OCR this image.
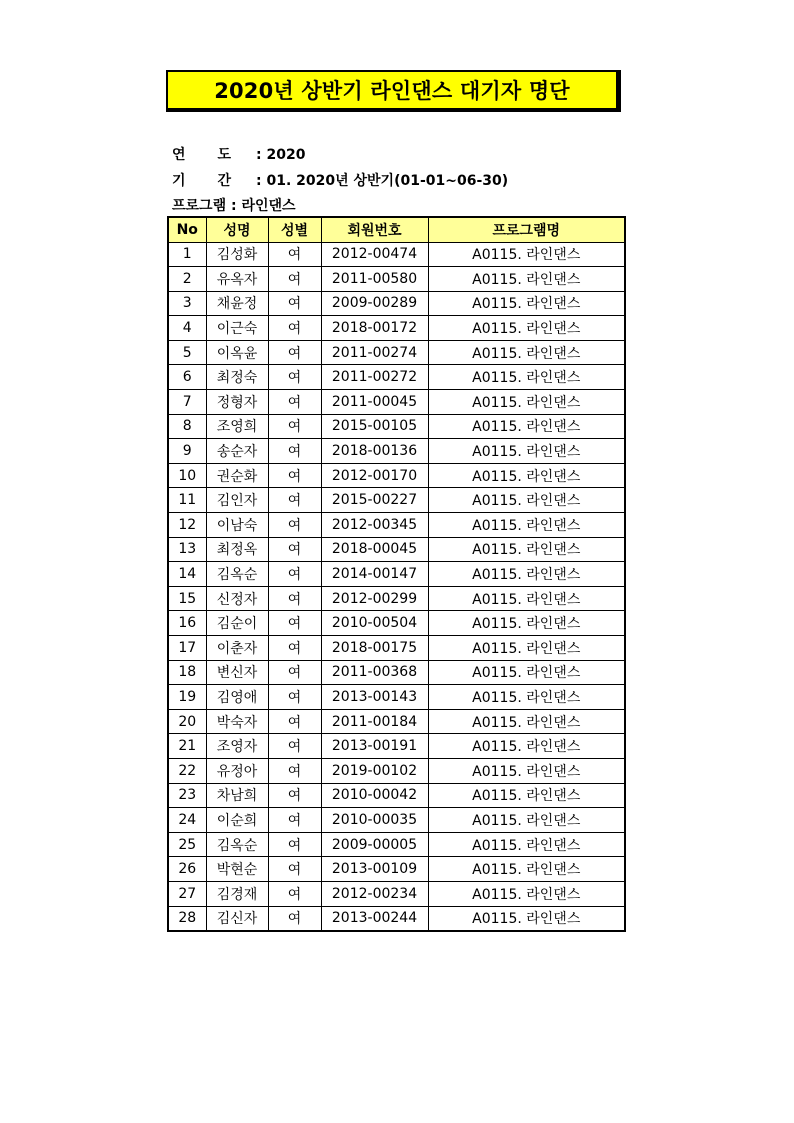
2020년 상반기 라인댄스 대기자 명단
연 도 : 2020
기 간 : 01. 2020년 상반기(01-01~06-30)
프로그램 : 라인댄스
No	성명	성별	회원번호	프로그램명
1	김성화	여	2012-00474	A0115. 라인댄스
2	유옥자	여	2011-00580	A0115. 라인댄스
3	채윤정	여	2009-00289	A0115. 라인댄스
4	이근숙	여	2018-00172	A0115. 라인댄스
5	이옥윤	여	2011-00274	A0115. 라인댄스
6	최정숙	여	2011-00272	A0115. 라인댄스
7	정형자	여	2011-00045	A0115. 라인댄스
8	조영희	여	2015-00105	A0115. 라인댄스
9	송순자	여	2018-00136	A0115. 라인댄스
10	권순화	여	2012-00170	A0115. 라인댄스
11	김인자	여	2015-00227	A0115. 라인댄스
12	이남숙	여	2012-00345	A0115. 라인댄스
13	최정옥	여	2018-00045	A0115. 라인댄스
14	김옥순	여	2014-00147	A0115. 라인댄스
15	신정자	여	2012-00299	A0115. 라인댄스
16	김순이	여	2010-00504	A0115. 라인댄스
17	이춘자	여	2018-00175	A0115. 라인댄스
18	변신자	여	2011-00368	A0115. 라인댄스
19	김영애	여	2013-00143	A0115. 라인댄스
20	박숙자	여	2011-00184	A0115. 라인댄스
21	조영자	여	2013-00191	A0115. 라인댄스
22	유정아	여	2019-00102	A0115. 라인댄스
23	차남희	여	2010-00042	A0115. 라인댄스
24	이순희	여	2010-00035	A0115. 라인댄스
25	김옥순	여	2009-00005	A0115. 라인댄스
26	박현순	여	2013-00109	A0115. 라인댄스
27	김경재	여	2012-00234	A0115. 라인댄스
28	김신자	여	2013-00244	A0115. 라인댄스
